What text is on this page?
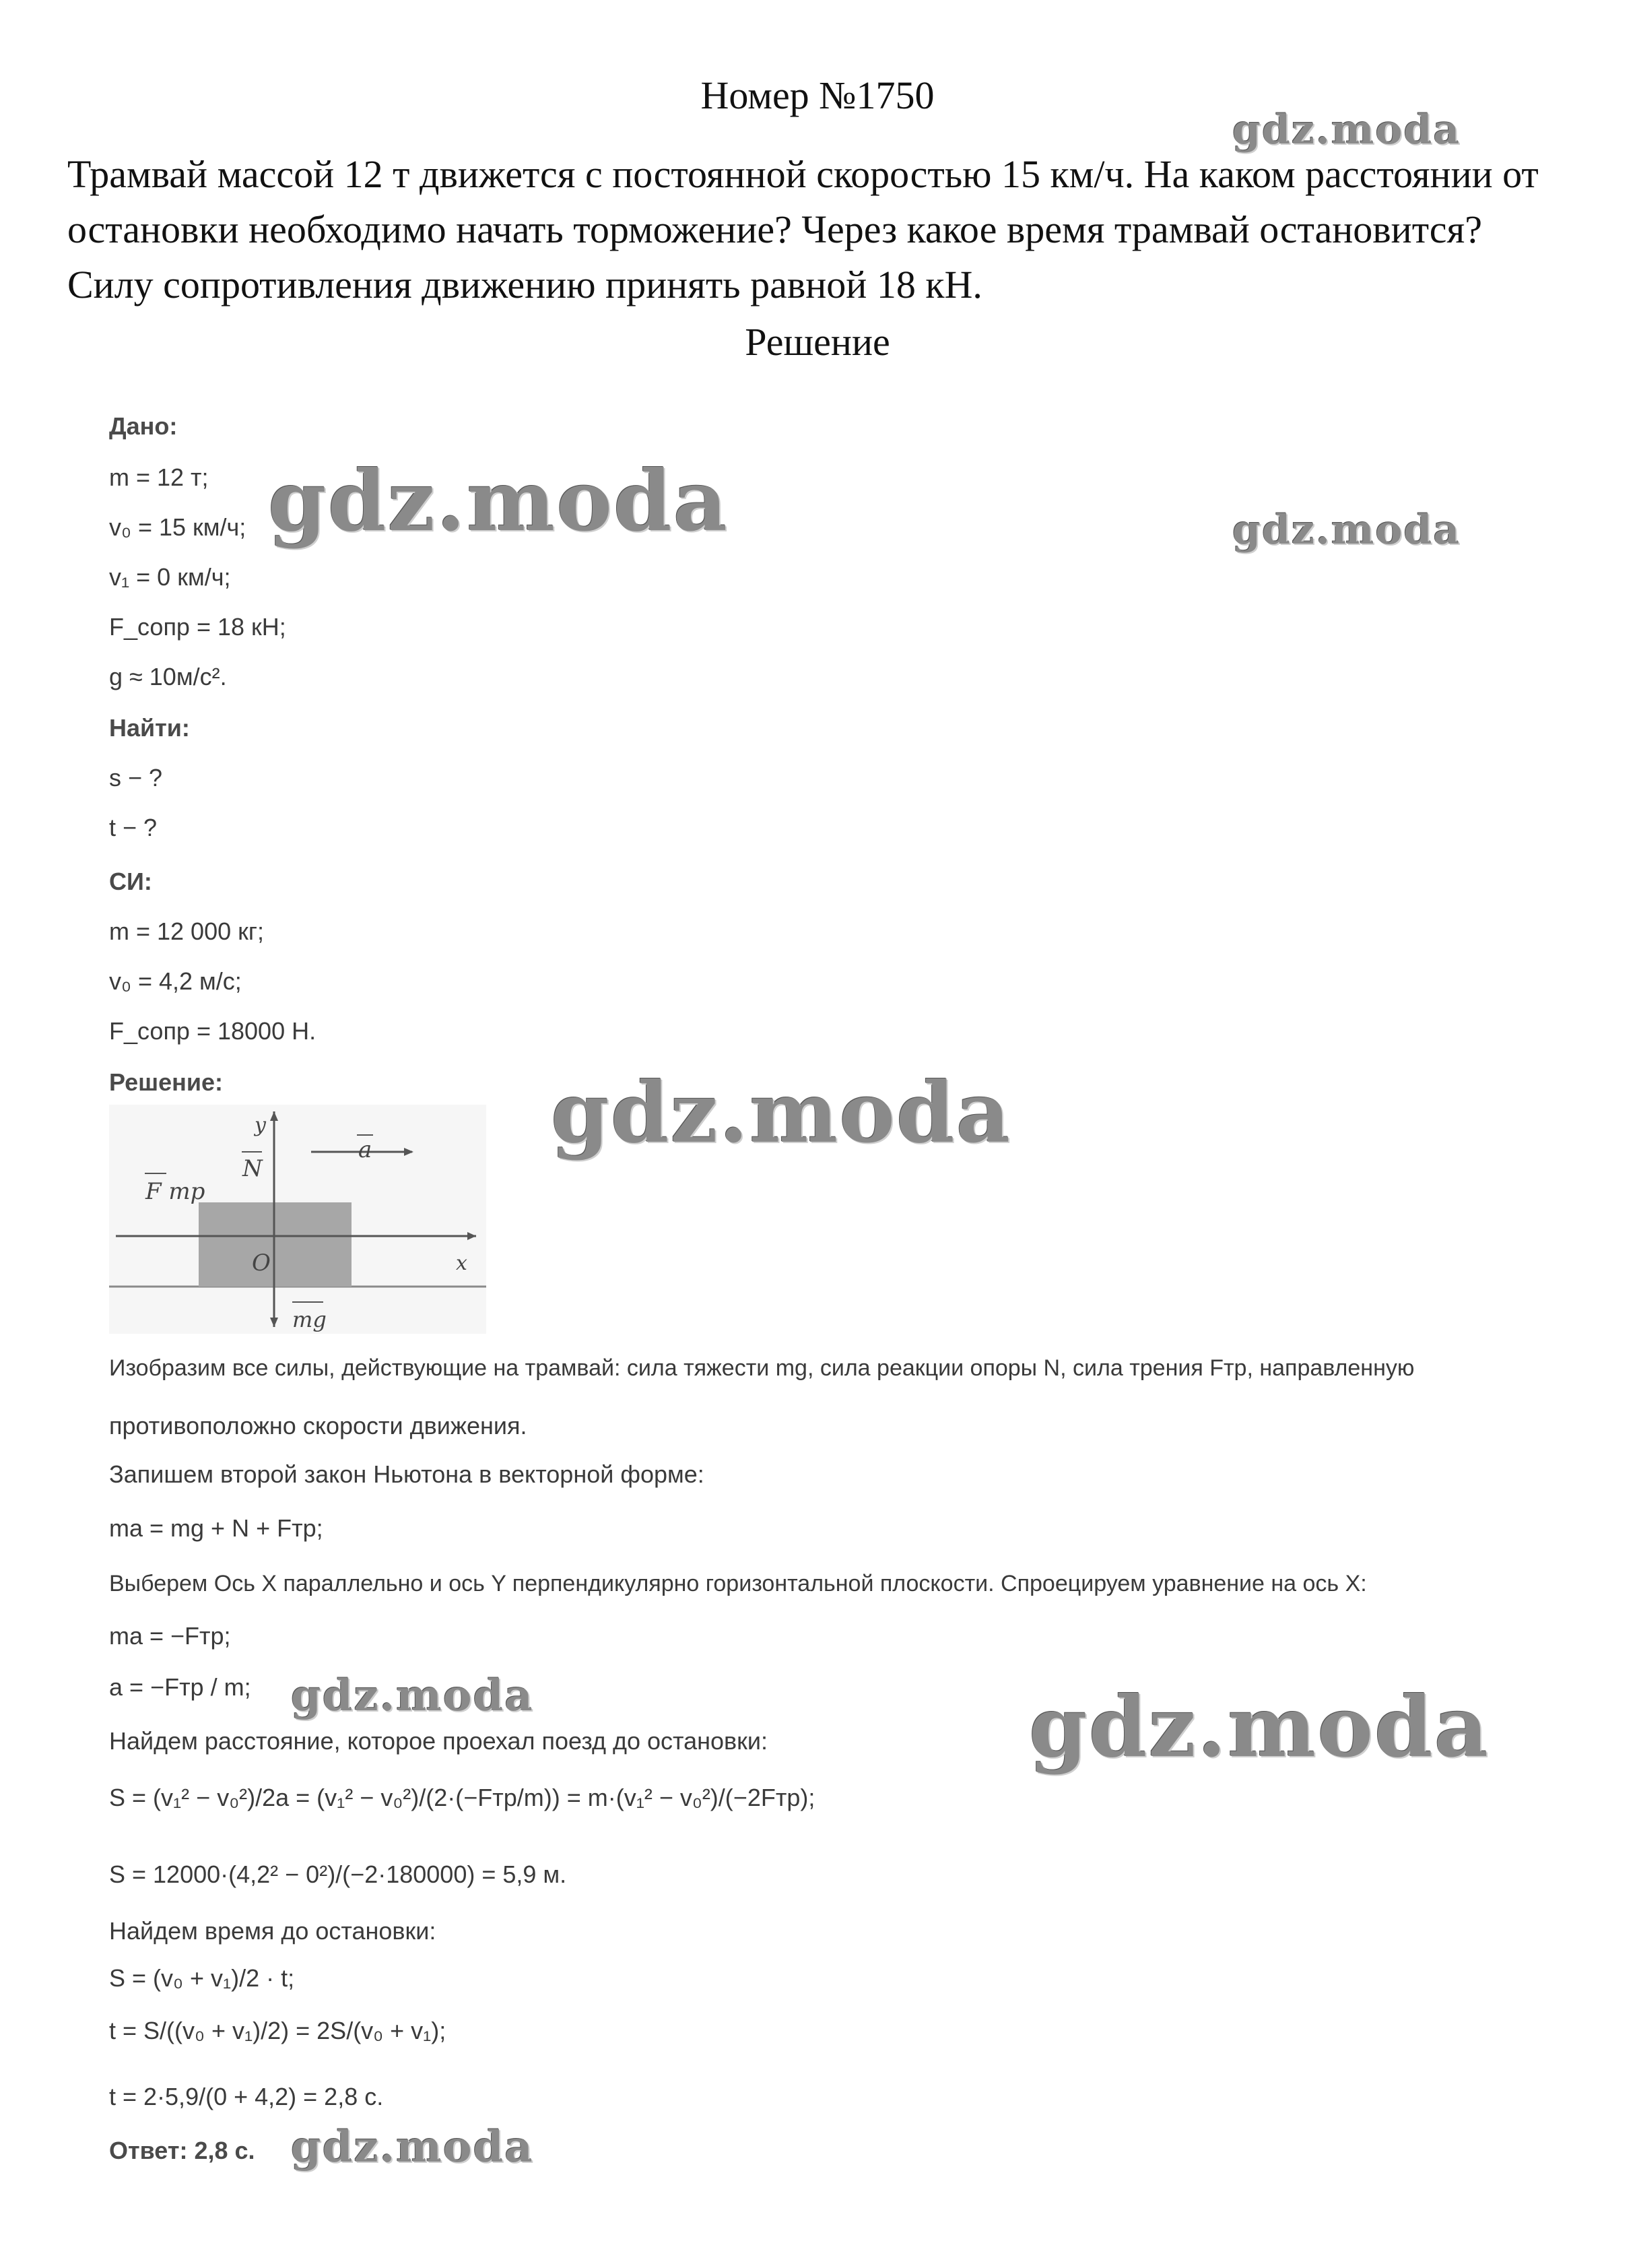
Номер №1750
Трамвай массой 12 т движется с постоянной скоростью 15 км/ч. На каком расстоянии от остановки необходимо начать торможение? Через какое время трамвай остановится? Силу сопротивления движению принять равной 18 кН.
Решение
gdz.moda
gdz.moda	gdz.moda
gdz.moda
gdz.moda
gdz.moda
gdz.moda
Дано:
m = 12 т;
v₀ = 15 км/ч;
v₁ = 0 км/ч;
F_сопр = 18 кН;
g ≈ 10м/с².
Найти:
s − ?
t − ?
СИ:
m = 12 000 кг;
v₀ = 4,2 м/с;
F_сопр = 18000 Н.
Решение:
y
x
N
a
F тр
O
mg
Изобразим все силы, действующие на трамвай: сила тяжести mg, сила реакции опоры N, сила трения Fтр, направленную
противоположно скорости движения.
Запишем второй закон Ньютона в векторной форме:
ma = mg + N + Fтр;
Выберем Ось X параллельно и ось Y перпендикулярно горизонтальной плоскости. Спроецируем уравнение на ось X:
ma = −Fтр;
a = −Fтр / m;
Найдем расстояние, которое проехал поезд до остановки:
S = (v₁² − v₀²)/2a = (v₁² − v₀²)/(2·(−Fтр/m)) = m·(v₁² − v₀²)/(−2Fтр);
S = 12000·(4,2² − 0²)/(−2·180000) = 5,9 м.
Найдем время до остановки:
S = (v₀ + v₁)/2 · t;
t = S/((v₀ + v₁)/2) = 2S/(v₀ + v₁);
t = 2·5,9/(0 + 4,2) = 2,8 с.
Ответ: 2,8 с.
